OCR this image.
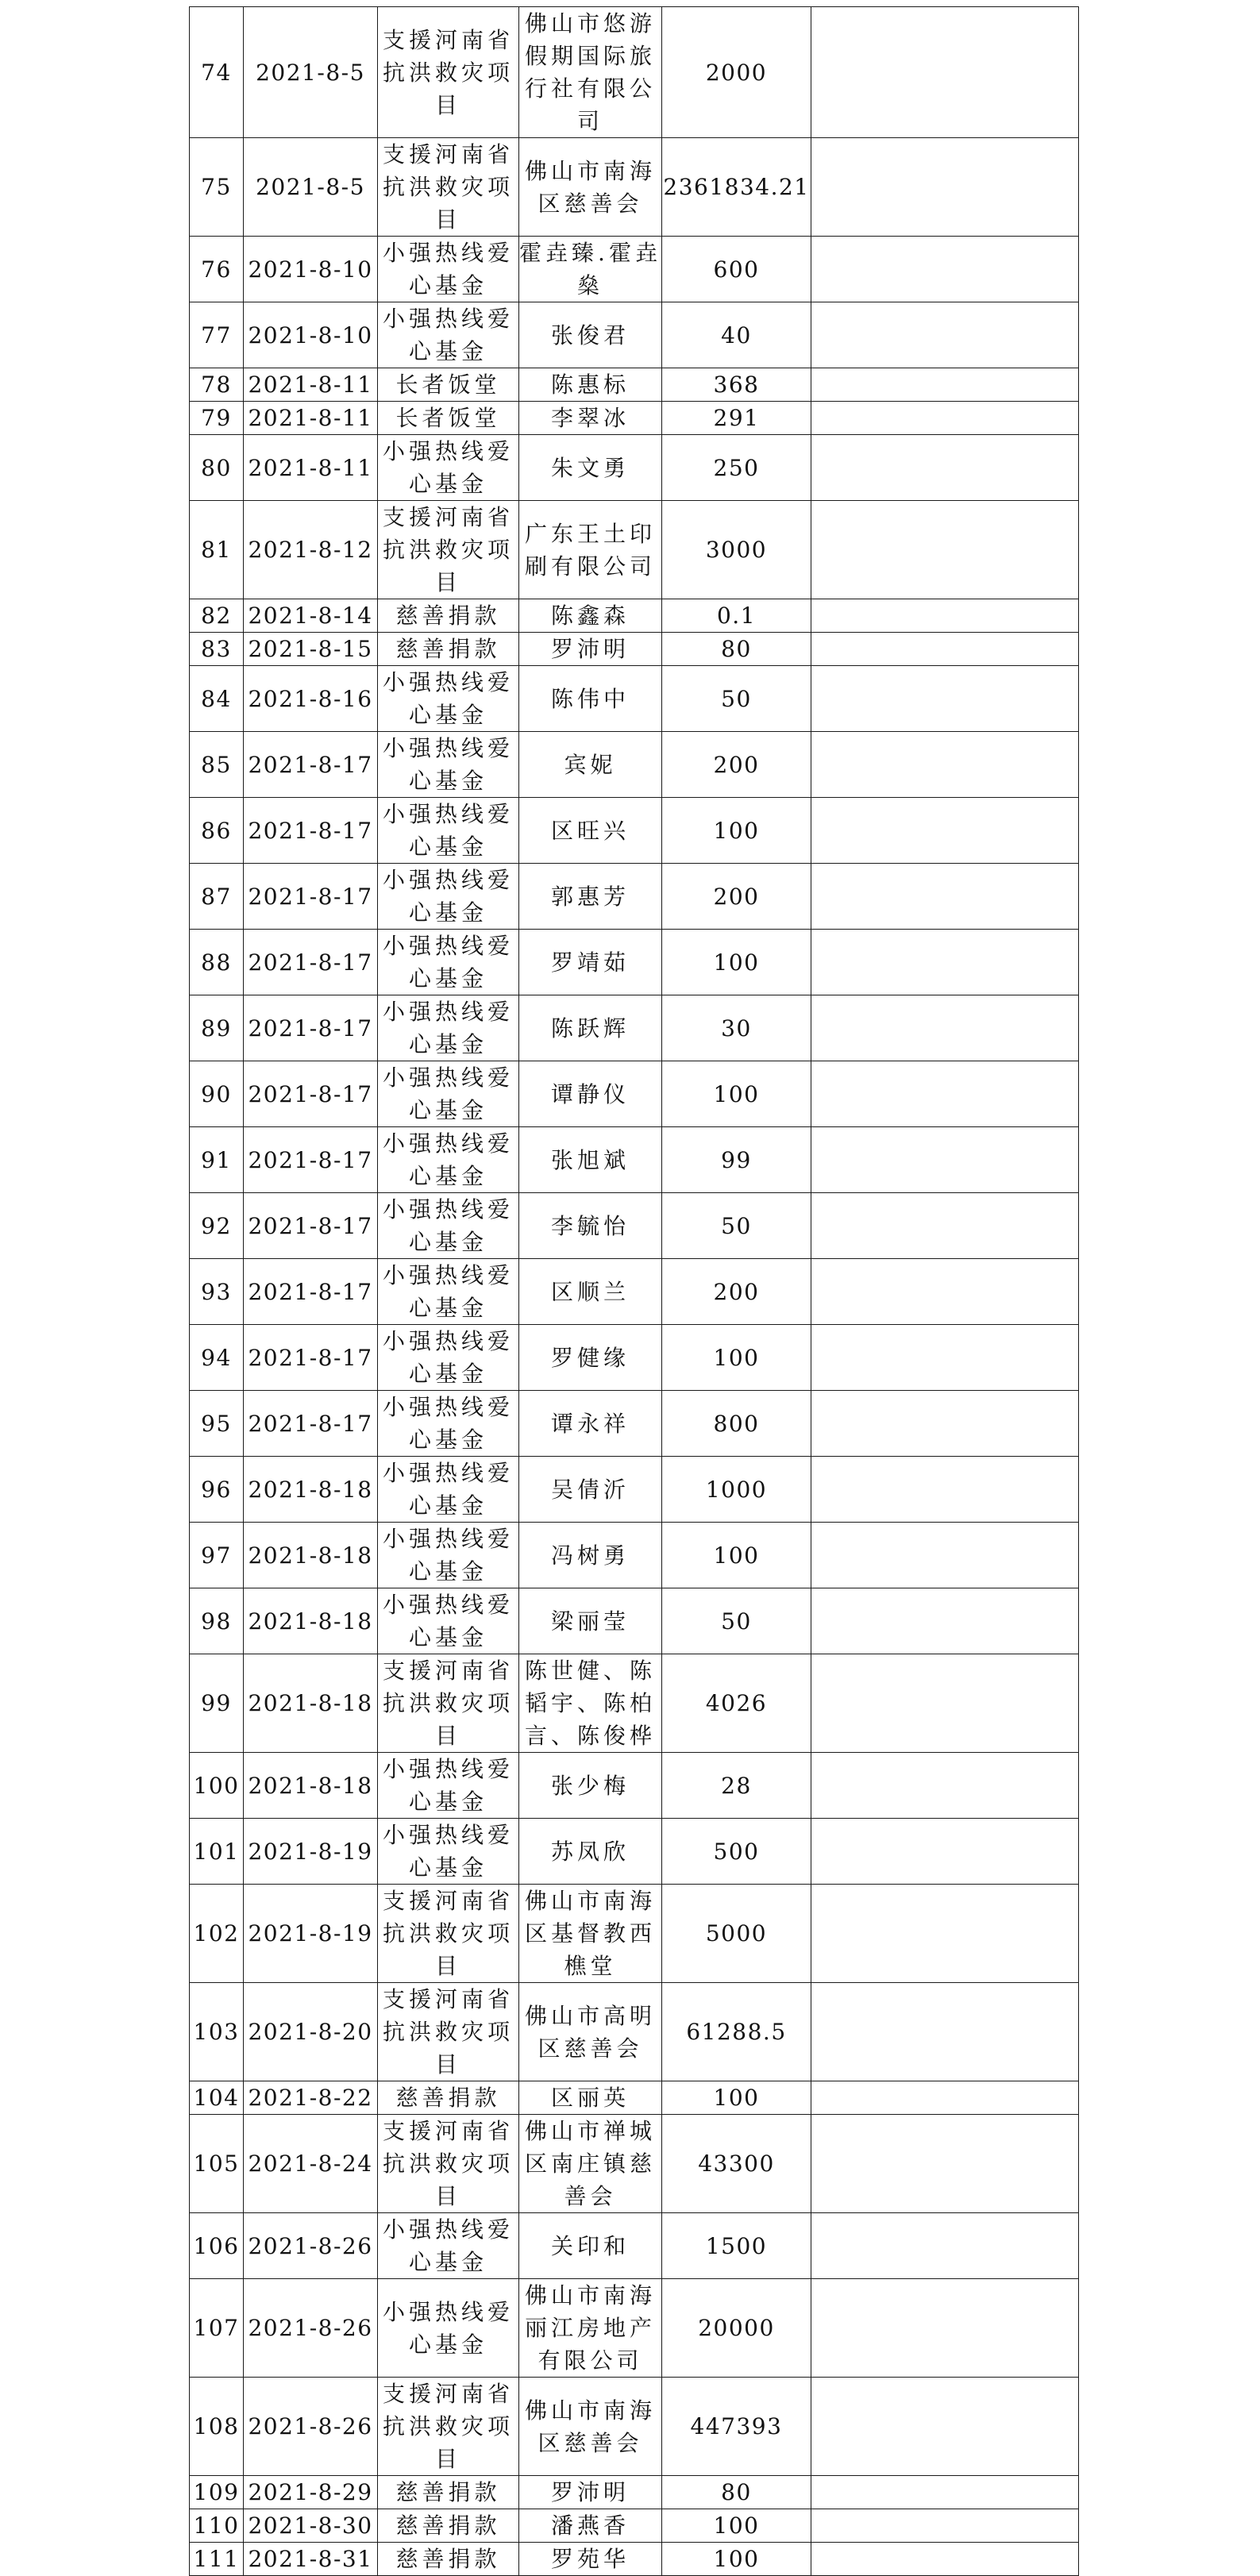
74	2021-8-5	支援河南省抗洪救灾项目	佛山市悠游假期国际旅行社有限公司	2000	
75	2021-8-5	支援河南省抗洪救灾项目	佛山市南海区慈善会	2361834.21	
76	2021-8-10	小强热线爱心基金	霍垚臻.霍垚燊	600	
77	2021-8-10	小强热线爱心基金	张俊君	40	
78	2021-8-11	长者饭堂	陈惠标	368	
79	2021-8-11	长者饭堂	李翠冰	291	
80	2021-8-11	小强热线爱心基金	朱文勇	250	
81	2021-8-12	支援河南省抗洪救灾项目	广东王土印刷有限公司	3000	
82	2021-8-14	慈善捐款	陈鑫森	0.1	
83	2021-8-15	慈善捐款	罗沛明	80	
84	2021-8-16	小强热线爱心基金	陈伟中	50	
85	2021-8-17	小强热线爱心基金	宾妮	200	
86	2021-8-17	小强热线爱心基金	区旺兴	100	
87	2021-8-17	小强热线爱心基金	郭惠芳	200	
88	2021-8-17	小强热线爱心基金	罗靖茹	100	
89	2021-8-17	小强热线爱心基金	陈跃辉	30	
90	2021-8-17	小强热线爱心基金	谭静仪	100	
91	2021-8-17	小强热线爱心基金	张旭斌	99	
92	2021-8-17	小强热线爱心基金	李毓怡	50	
93	2021-8-17	小强热线爱心基金	区顺兰	200	
94	2021-8-17	小强热线爱心基金	罗健缘	100	
95	2021-8-17	小强热线爱心基金	谭永祥	800	
96	2021-8-18	小强热线爱心基金	吴倩沂	1000	
97	2021-8-18	小强热线爱心基金	冯树勇	100	
98	2021-8-18	小强热线爱心基金	梁丽莹	50	
99	2021-8-18	支援河南省抗洪救灾项目	陈世健、陈韬宇、陈柏言、陈俊桦	4026	
100	2021-8-18	小强热线爱心基金	张少梅	28	
101	2021-8-19	小强热线爱心基金	苏凤欣	500	
102	2021-8-19	支援河南省抗洪救灾项目	佛山市南海区基督教西樵堂	5000	
103	2021-8-20	支援河南省抗洪救灾项目	佛山市高明区慈善会	61288.5	
104	2021-8-22	慈善捐款	区丽英	100	
105	2021-8-24	支援河南省抗洪救灾项目	佛山市禅城区南庄镇慈善会	43300	
106	2021-8-26	小强热线爱心基金	关印和	1500	
107	2021-8-26	小强热线爱心基金	佛山市南海丽江房地产有限公司	20000	
108	2021-8-26	支援河南省抗洪救灾项目	佛山市南海区慈善会	447393	
109	2021-8-29	慈善捐款	罗沛明	80	
110	2021-8-30	慈善捐款	潘燕香	100	
111	2021-8-31	慈善捐款	罗苑华	100	
